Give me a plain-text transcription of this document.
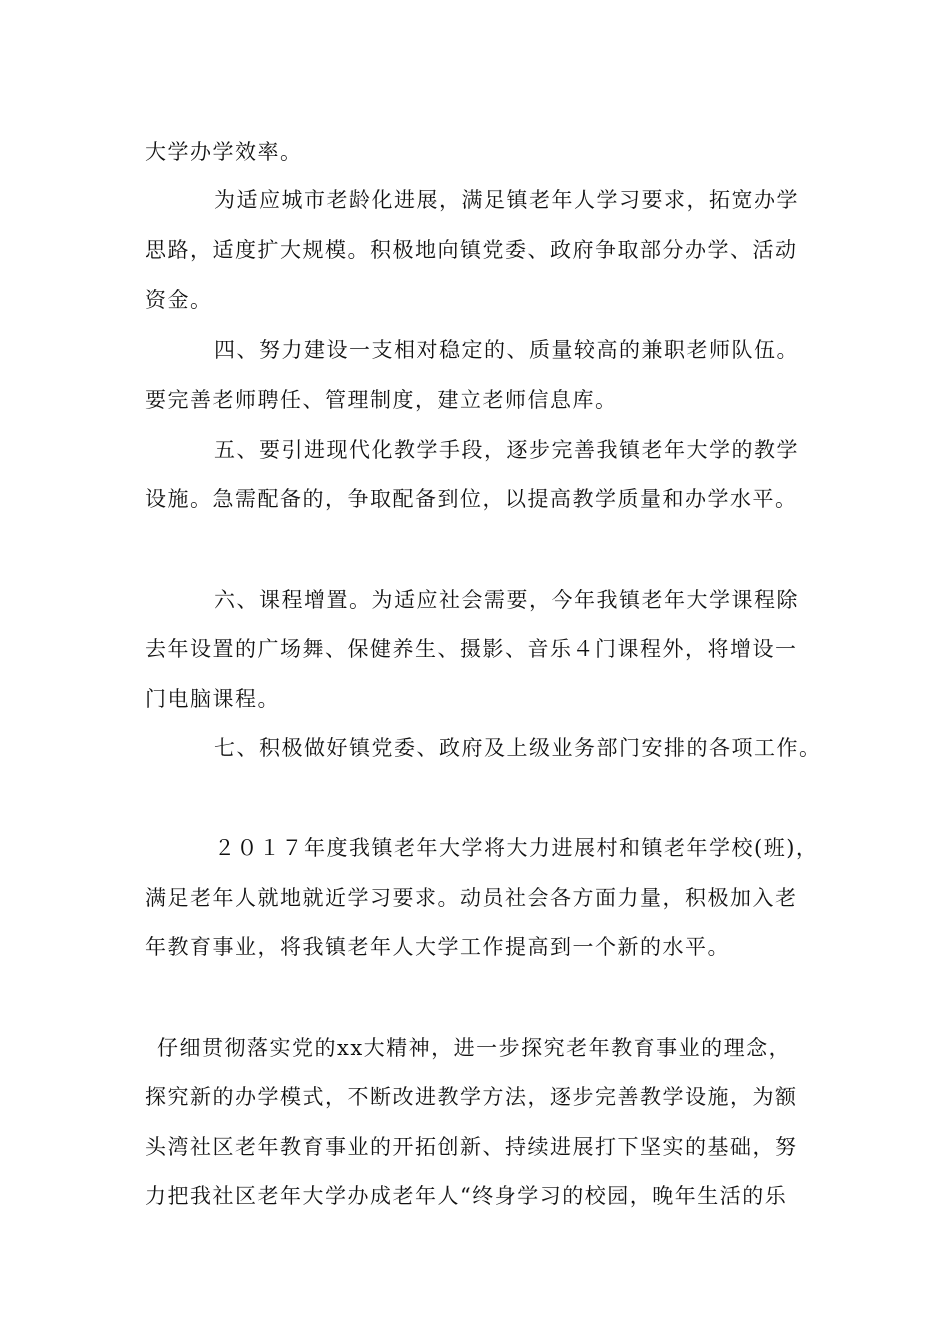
大学办学效率。
为适应城市老龄化进展，满足镇老年人学习要求，拓宽办学
思路，适度扩大规模。积极地向镇党委、政府争取部分办学、活动
资金。
四、努力建设一支相对稳定的、质量较高的兼职老师队伍。
要完善老师聘任、管理制度，建立老师信息库。
五、要引进现代化教学手段，逐步完善我镇老年大学的教学
设施。急需配备的，争取配备到位，以提高教学质量和办学水平。
六、课程增置。为适应社会需要，今年我镇老年大学课程除
去年设置的广场舞、保健养生、摄影、音乐４门课程外，将增设一
门电脑课程。
七、积极做好镇党委、政府及上级业务部门安排的各项工作。
２０１７年度我镇老年大学将大力进展村和镇老年学校(班)，
满足老年人就地就近学习要求。动员社会各方面力量，积极加入老
年教育事业，将我镇老年人大学工作提高到一个新的水平。
仔细贯彻落实党的xx大精神，进一步探究老年教育事业的理念，
探究新的办学模式，不断改进教学方法，逐步完善教学设施，为额
头湾社区老年教育事业的开拓创新、持续进展打下坚实的基础，努
力把我社区老年大学办成老年人“终身学习的校园，晚年生活的乐
